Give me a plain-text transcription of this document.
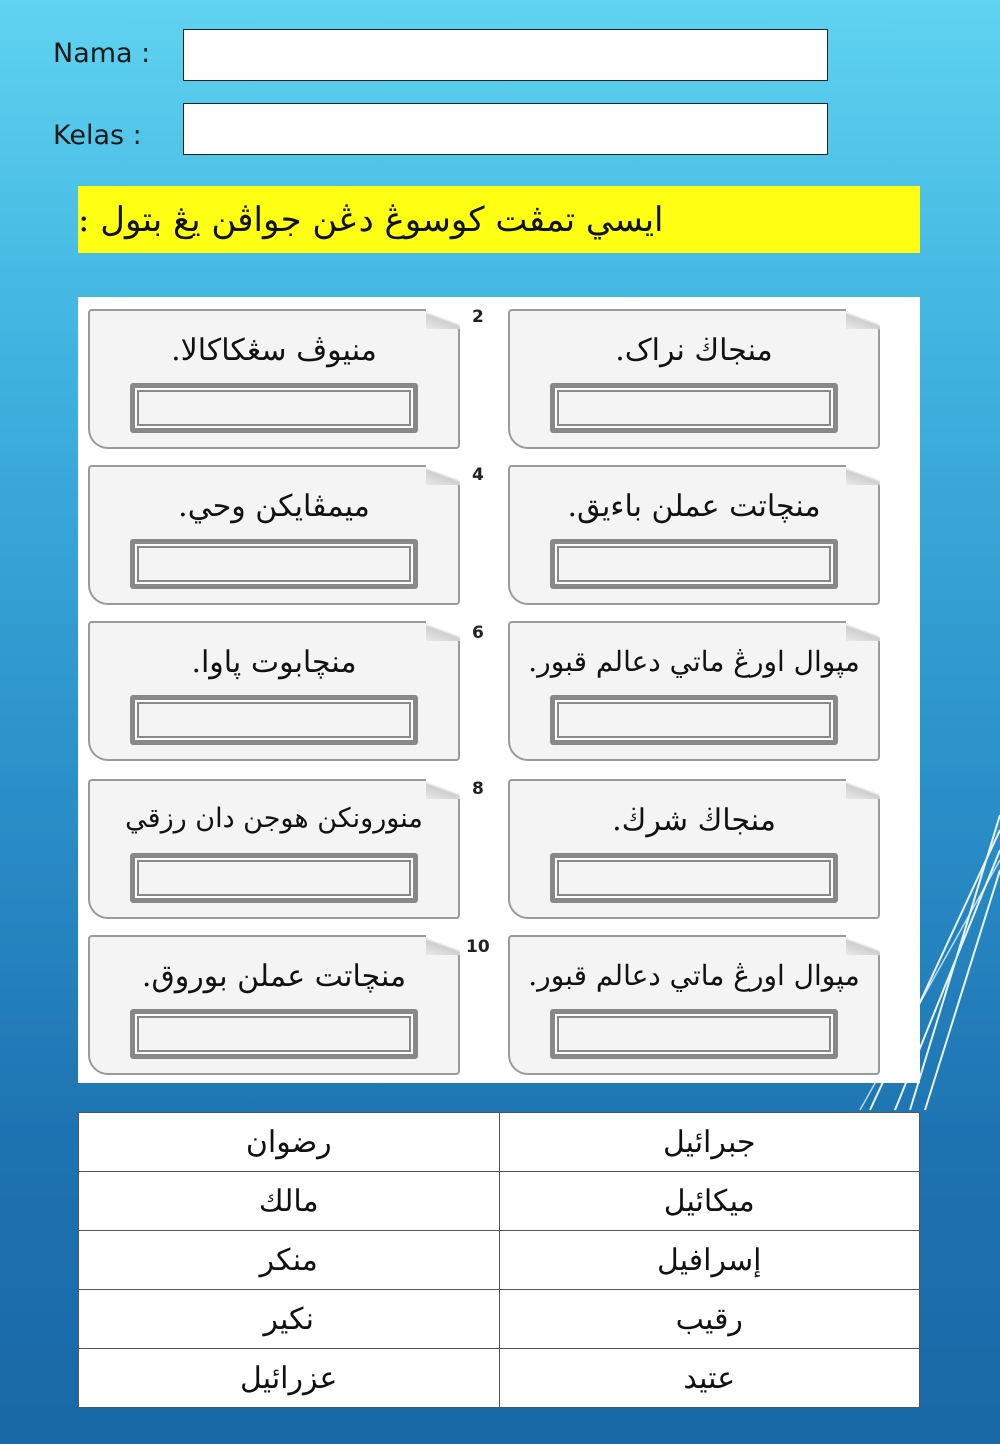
Nama :
Kelas :
ايسي تمڤت كوسوڠ دڠن جواڤن يڠ بتول :
منجاڬ نراک.
2
منيوڤ سڠكاكالا.
منچاتت عملن باءيق.
4
ميمڤايكن وحي.
مپوال اورڠ ماتي دعالم قبور.
6
منچابوت ڽاوا.
منجاڬ شرڬ.
8
منورونكن هوجن دان رزقي
مپوال اورڠ ماتي دعالم قبور.
10
منچاتت عملن بوروق.
رضوان	جبرائيل
مالك	ميكائيل
منكر	إسرافيل
نكير	رقيب
عزرائيل	عتيد
